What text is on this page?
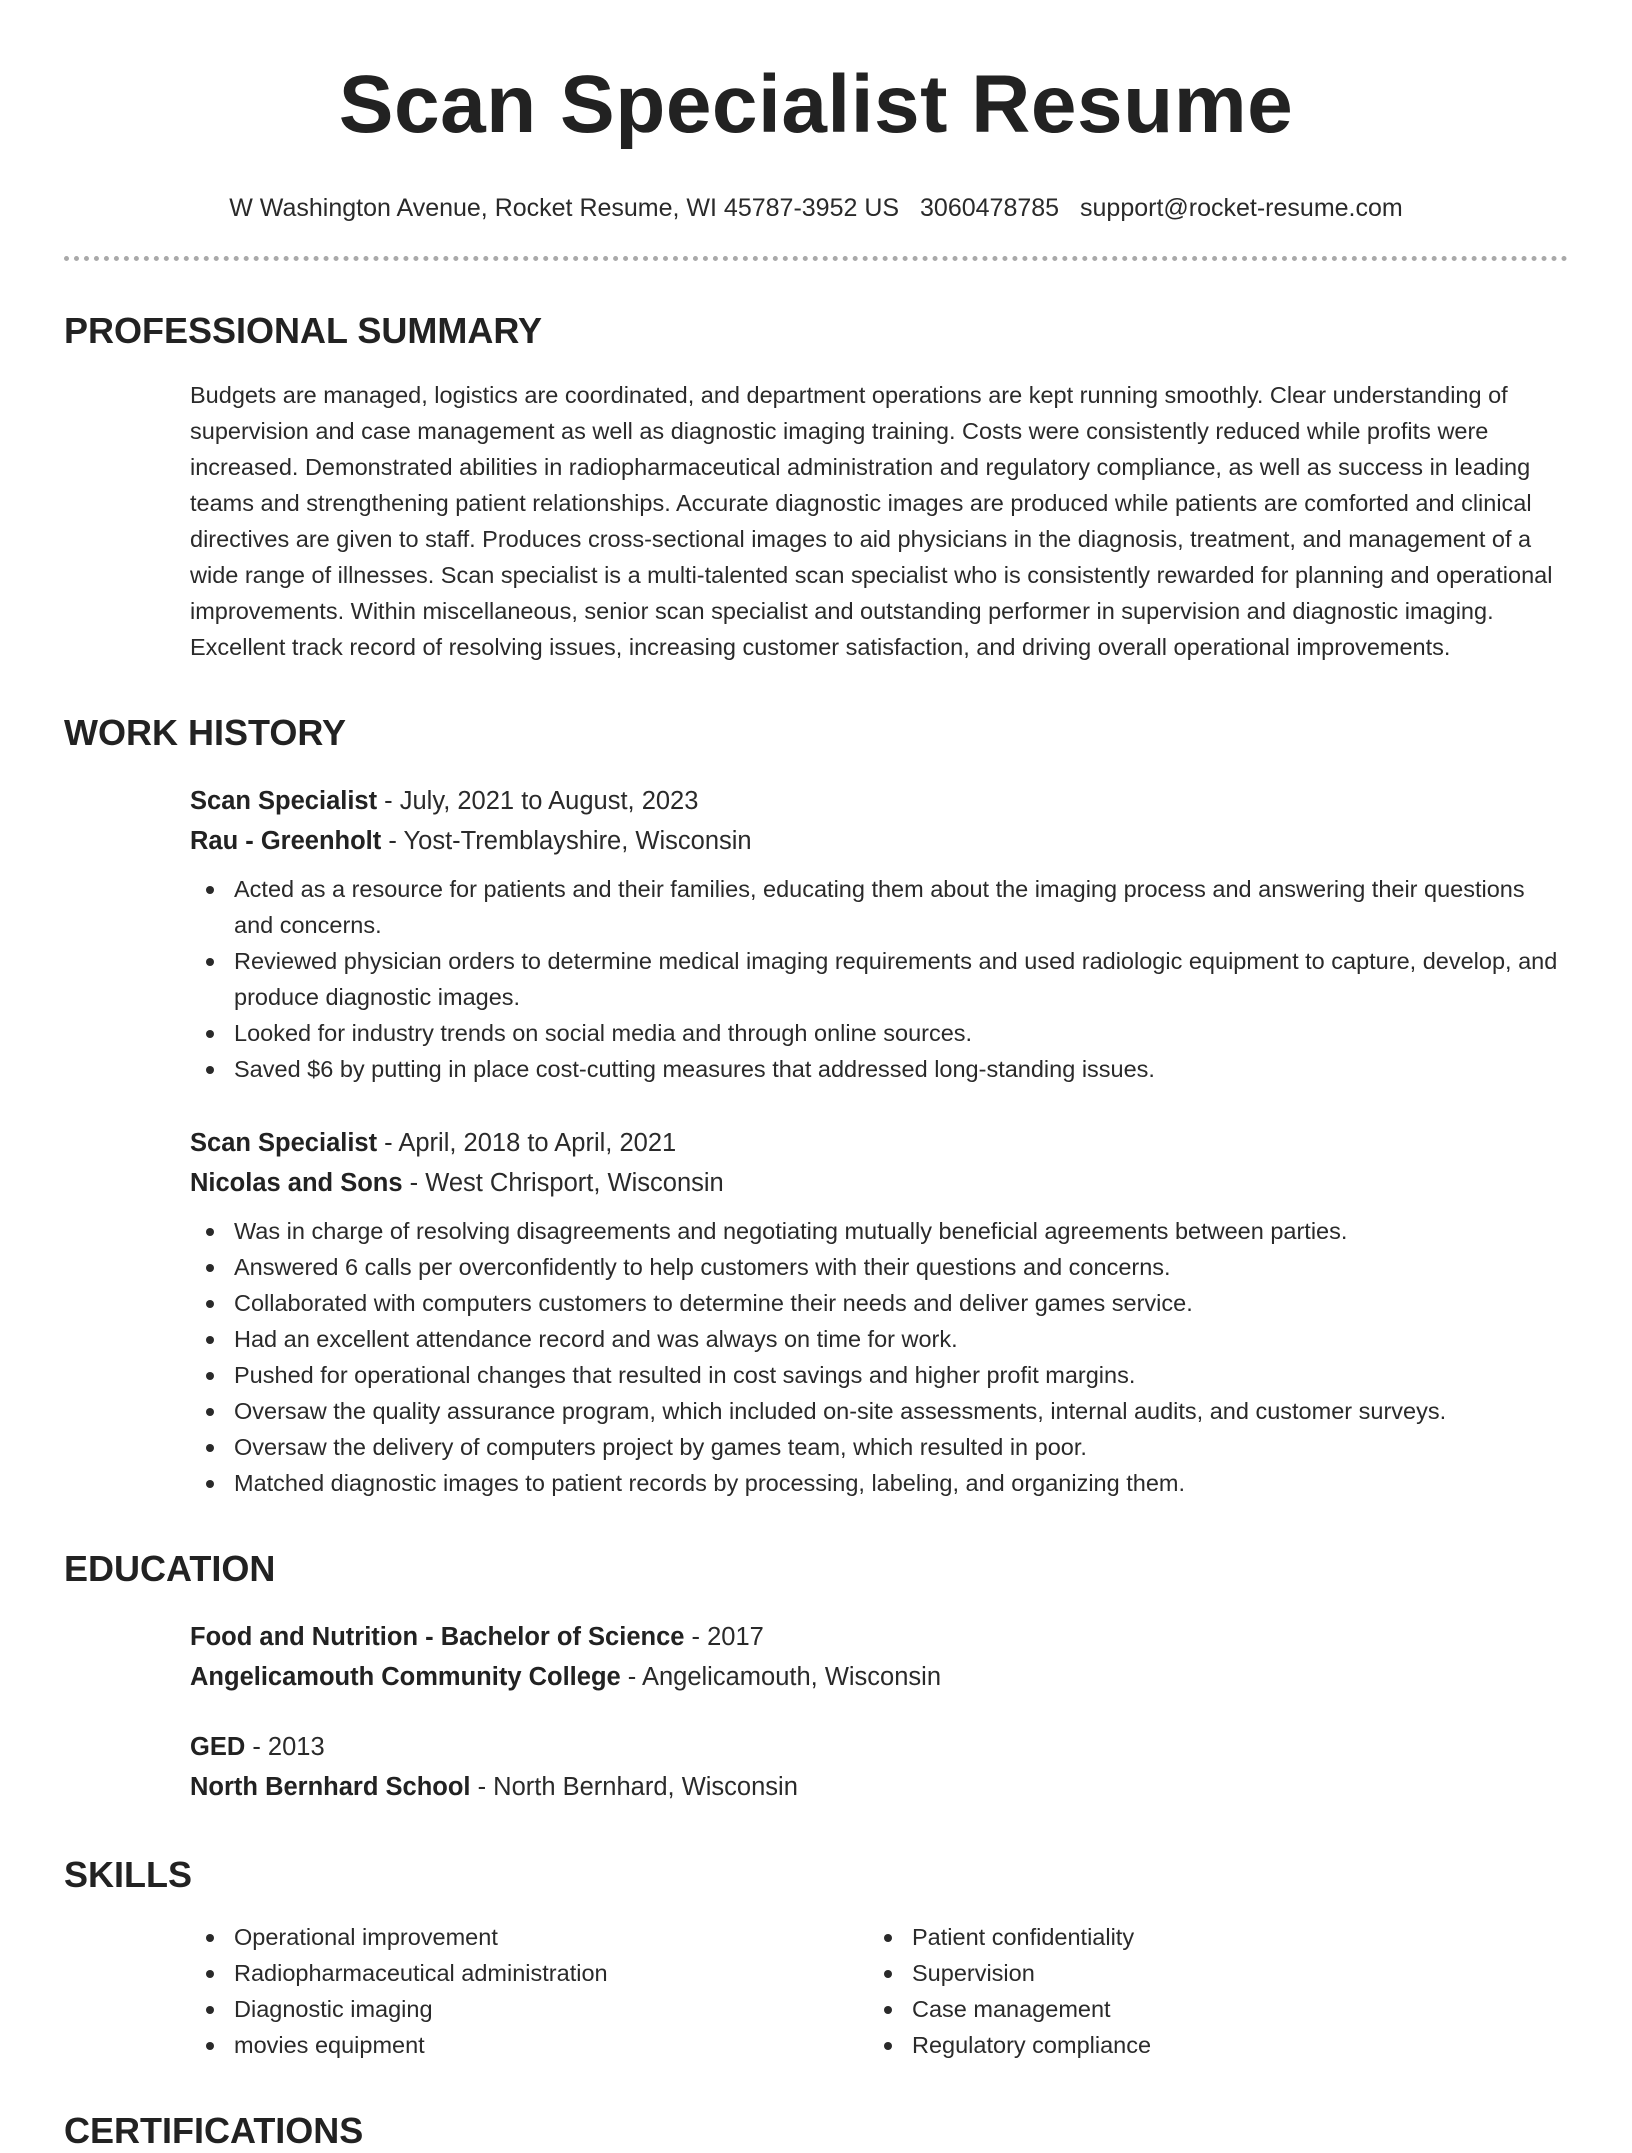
Scan Specialist Resume
W Washington Avenue, Rocket Resume, WI 45787-3952 US 3060478785 support@rocket-resume.com
PROFESSIONAL SUMMARY

Budgets are managed, logistics are coordinated, and department operations are kept running smoothly. Clear understanding of supervision and case management as well as diagnostic imaging training. Costs were consistently reduced while profits were increased. Demonstrated abilities in radiopharmaceutical administration and regulatory compliance, as well as success in leading teams and strengthening patient relationships. Accurate diagnostic images are produced while patients are comforted and clinical directives are given to staff. Produces cross-sectional images to aid physicians in the diagnosis, treatment, and management of a wide range of illnesses. Scan specialist is a multi-talented scan specialist who is consistently rewarded for planning and operational improvements. Within miscellaneous, senior scan specialist and outstanding performer in supervision and diagnostic imaging. Excellent track record of resolving issues, increasing customer satisfaction, and driving overall operational improvements.

WORK HISTORY
Scan Specialist - July, 2021 to August, 2023
Rau - Greenholt - Yost-Tremblayshire, Wisconsin
Acted as a resource for patients and their families, educating them about the imaging process and answering their questions and concerns.
Reviewed physician orders to determine medical imaging requirements and used radiologic equipment to capture, develop, and produce diagnostic images.
Looked for industry trends on social media and through online sources.
Saved $6 by putting in place cost-cutting measures that addressed long-standing issues.
Scan Specialist - April, 2018 to April, 2021
Nicolas and Sons - West Chrisport, Wisconsin
Was in charge of resolving disagreements and negotiating mutually beneficial agreements between parties.
Answered 6 calls per overconfidently to help customers with their questions and concerns.
Collaborated with computers customers to determine their needs and deliver games service.
Had an excellent attendance record and was always on time for work.
Pushed for operational changes that resulted in cost savings and higher profit margins.
Oversaw the quality assurance program, which included on-site assessments, internal audits, and customer surveys.
Oversaw the delivery of computers project by games team, which resulted in poor.
Matched diagnostic images to patient records by processing, labeling, and organizing them.
EDUCATION
Food and Nutrition - Bachelor of Science - 2017
Angelicamouth Community College - Angelicamouth, Wisconsin
GED - 2013
North Bernhard School - North Bernhard, Wisconsin
SKILLS
Operational improvement
Radiopharmaceutical administration
Diagnostic imaging
movies equipment
Patient confidentiality
Supervision
Case management
Regulatory compliance
CERTIFICATIONS
